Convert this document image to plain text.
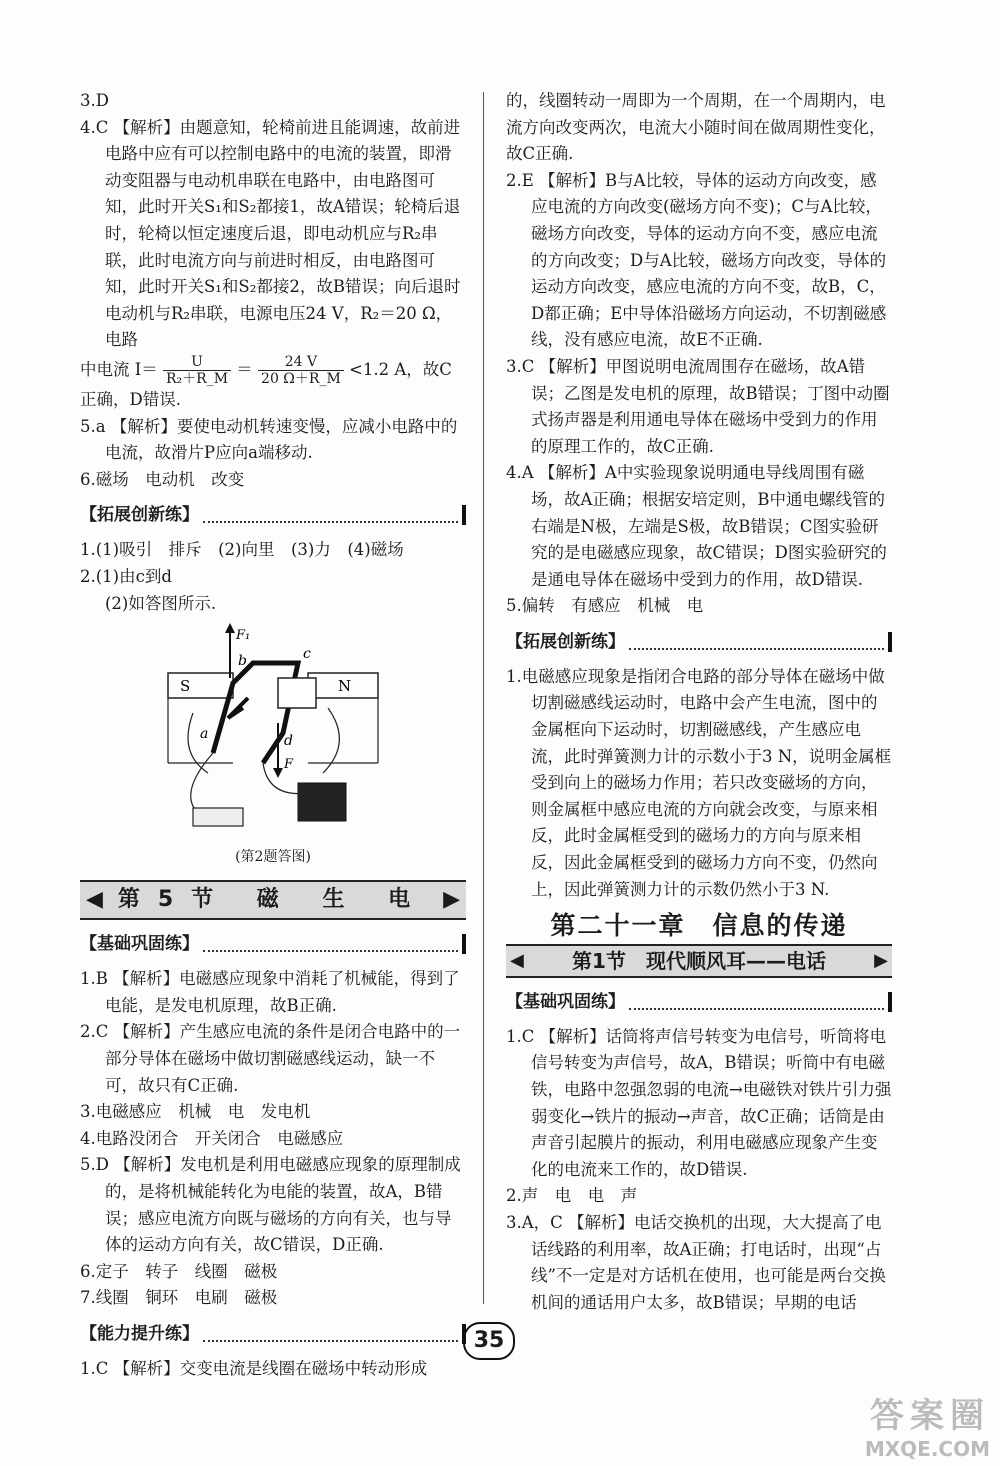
3.D

4.C 【解析】由题意知，轮椅前进且能调速，故前进电路中应有可以控制电路中的电流的装置，即滑动变阻器与电动机串联在电路中，由电路图可知，此时开关S₁和S₂都接1，故A错误；轮椅后退时，轮椅以恒定速度后退，即电动机应与R₂串联，此时电流方向与前进时相反，由电路图可知，此时开关S₁和S₂都接2，故B错误；向后退时电动机与R₂串联，电源电压24 V，R₂＝20 Ω，电路

中电流 $I= \frac{U}{\text{R₂＋R\_M}} = \frac{24 V}{20 \Omega+R\_M} <1.2$ A，故C正确，D错误.

5.a 【解析】要使电动机转速变慢，应减小电路中的电流，故滑片P应向a端移动.

6.磁场　电动机　改变

【拓展创新练】

1.(1)吸引　排斥　(2)向里　(3)力　(4)磁场

2.(1)由c到d

(2)如答图所示.

F₁
b	c
S	N
a	d
F
(第2题答图)
◀ 第5节 磁 生 电 ▶
【基础巩固练】

1.B 【解析】电磁感应现象中消耗了机械能，得到了电能，是发电机原理，故B正确.

2.C 【解析】产生感应电流的条件是闭合电路中的一部分导体在磁场中做切割磁感线运动，缺一不可，故只有C正确.

3.电磁感应　机械　电　发电机

4.电路没闭合　开关闭合　电磁感应

5.D 【解析】发电机是利用电磁感应现象的原理制成的，是将机械能转化为电能的装置，故A，B错误；感应电流方向既与磁场的方向有关，也与导体的运动方向有关，故C错误，D正确.

6.定子　转子　线圈　磁极

7.线圈　铜环　电刷　磁极

【能力提升练】

1.C 【解析】交变电流是线圈在磁场中转动形成

的，线圈转动一周即为一个周期，在一个周期内，电流方向改变两次，电流大小随时间在做周期性变化，故C正确.

2.E 【解析】B与A比较，导体的运动方向改变，感应电流的方向改变(磁场方向不变)；C与A比较，磁场方向改变，导体的运动方向不变，感应电流的方向改变；D与A比较，磁场方向改变，导体的运动方向改变，感应电流的方向不变，故B，C，D都正确；E中导体沿磁场方向运动，不切割磁感线，没有感应电流，故E不正确.

3.C 【解析】甲图说明电流周围存在磁场，故A错误；乙图是发电机的原理，故B错误；丁图中动圈式扬声器是利用通电导体在磁场中受到力的作用的原理工作的，故C正确.

4.A 【解析】A中实验现象说明通电导线周围有磁场，故A正确；根据安培定则，B中通电螺线管的右端是N极，左端是S极，故B错误；C图实验研究的是电磁感应现象，故C错误；D图实验研究的是通电导体在磁场中受到力的作用，故D错误.

5.偏转　有感应　机械　电

【拓展创新练】

1.电磁感应现象是指闭合电路的部分导体在磁场中做切割磁感线运动时，电路中会产生电流，图中的金属框向下运动时，切割磁感线，产生感应电流，此时弹簧测力计的示数小于3 N，说明金属框受到向上的磁场力作用；若只改变磁场的方向，则金属框中感应电流的方向就会改变，与原来相反，此时金属框受到的磁场力的方向与原来相反，因此金属框受到的磁场力方向不变，仍然向上，因此弹簧测力计的示数仍然小于3 N.

第二十一章　信息的传递
◀ 第1节　现代顺风耳——电话	▶
【基础巩固练】

1.C 【解析】话筒将声信号转变为电信号，听筒将电信号转变为声信号，故A，B错误；听筒中有电磁铁，电路中忽强忽弱的电流→电磁铁对铁片引力强弱变化→铁片的振动→声音，故C正确；话筒是由声音引起膜片的振动，利用电磁感应现象产生变化的电流来工作的，故D错误.

2.声　电　电　声

3.A，C 【解析】电话交换机的出现，大大提高了电话线路的利用率，故A正确；打电话时，出现“占线”不一定是对方话机在使用，也可能是两台交换机间的通话用户太多，故B错误；早期的电话

35
答案圈
MXQE.COM
